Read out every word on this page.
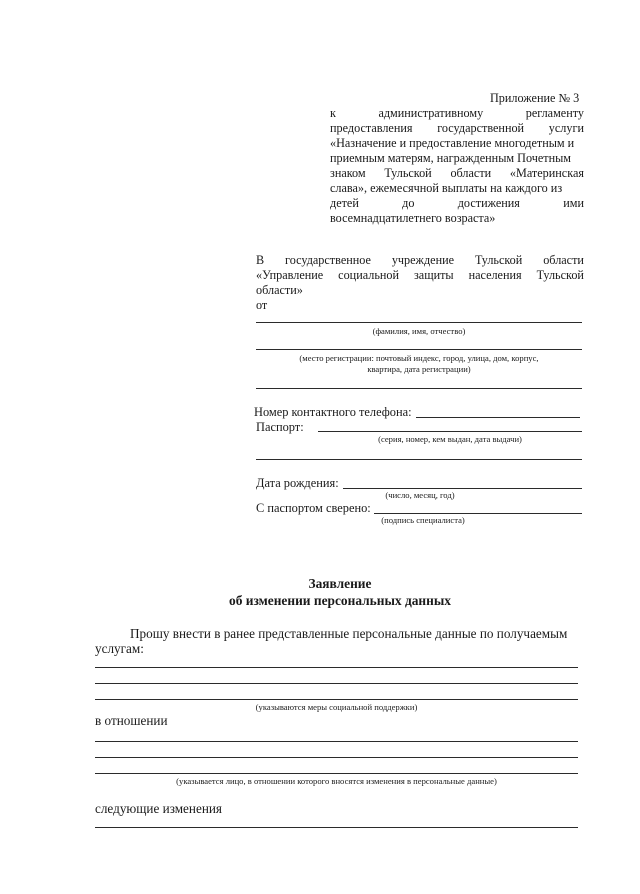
Приложение № 3
к	административному	регламенту
предоставления государственной услуги
«Назначение и предоставление многодетным и
приемным матерям, награжденным Почетным
знаком Тульской области «Материнская
слава», ежемесячной выплаты на каждого из
детей	до	достижения	ими
восемнадцатилетнего возраста»
В государственное учреждение Тульской области
«Управление социальной защиты населения Тульской
области»
от
(фамилия, имя, отчество)
(место регистрации: почтовый индекс, город, улица, дом, корпус,
квартира, дата регистрации)
Номер контактного телефона:
Паспорт:
(серия, номер, кем выдан, дата выдачи)
Дата рождения:
(число, месяц, год)
С паспортом сверено:
(подпись специалиста)
Заявление
об изменении персональных данных
Прошу внести в ранее представленные персональные данные по получаемым
услугам:
(указываются меры социальной поддержки)
в отношении
(указывается лицо, в отношении которого вносятся изменения в персональные данные)
следующие изменения
